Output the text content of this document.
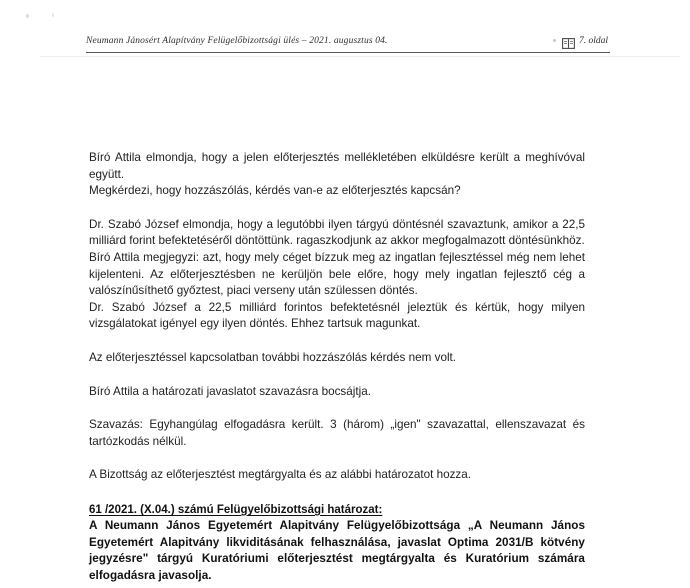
Neumann Jánosért Alapítvány Felügelőbizottsági ülés – 2021. augusztus 04.	7. oldal

Bíró Attila elmondja, hogy a jelen előterjesztés mellékletében elküldésre került a meghívóval együtt.

Megkérdezi, hogy hozzászólás, kérdés van-e az előterjesztés kapcsán?

Dr. Szabó József elmondja, hogy a legutóbbi ilyen tárgyú döntésnél szavaztunk, amikor a 22,5 milliárd forint befektetéséről döntöttünk. ragaszkodjunk az akkor megfogalmazott döntésünkhöz.

Bíró Attila megjegyzi: azt, hogy mely céget bízzuk meg az ingatlan fejlesztéssel még nem lehet kijelenteni. Az előterjesztésben ne kerüljön bele előre, hogy mely ingatlan fejlesztő cég a valószínűsíthető győztest, piaci verseny után szülessen döntés.

Dr. Szabó József a 22,5 milliárd forintos befektetésnél jeleztük és kértük, hogy milyen vizsgálatokat igényel egy ilyen döntés. Ehhez tartsuk magunkat.

Az előterjesztéssel kapcsolatban további hozzászólás kérdés nem volt.

Bíró Attila a határozati javaslatot szavazásra bocsájtja.

Szavazás: Egyhangúlag elfogadásra került. 3 (három) „igen" szavazattal, ellenszavazat és tartózkodás nélkül.

A Bizottság az előterjesztést megtárgyalta és az alábbi határozatot hozza.

61 /2021. (X.04.) számú Felügyelőbizottsági határozat:

A Neumann János Egyetemért Alapitvány Felügyelőbizottsága „A Neumann János Egyetemért Alapitvány likviditásának felhasználása, javaslat Optima 2031/B kötvény jegyzésre" tárgyú Kuratóriumi előterjesztést megtárgyalta és Kuratórium számára elfogadásra javasolja.
